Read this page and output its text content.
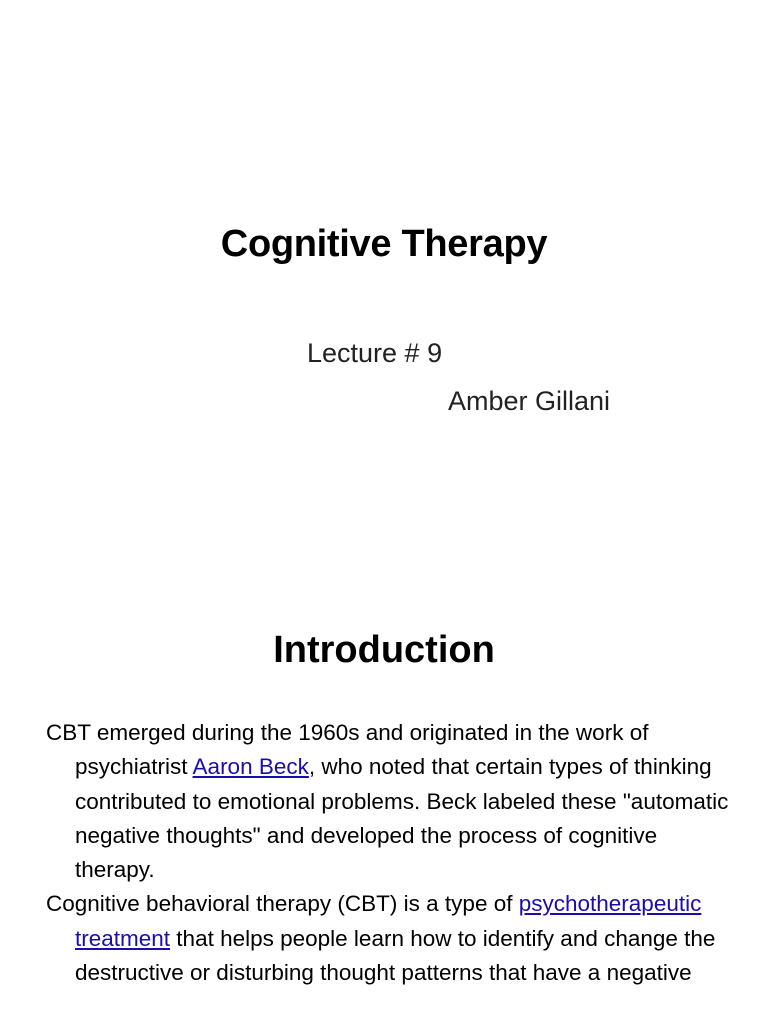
Cognitive Therapy
Lecture # 9
Amber Gillani
Introduction

CBT emerged during the 1960s and originated in the work of psychiatrist Aaron Beck, who noted that certain types of thinking contributed to emotional problems. Beck labeled these "automatic negative thoughts" and developed the process of cognitive therapy.

Cognitive behavioral therapy (CBT) is a type of psychotherapeutic treatment that helps people learn how to identify and change the destructive or disturbing thought patterns that have a negative
